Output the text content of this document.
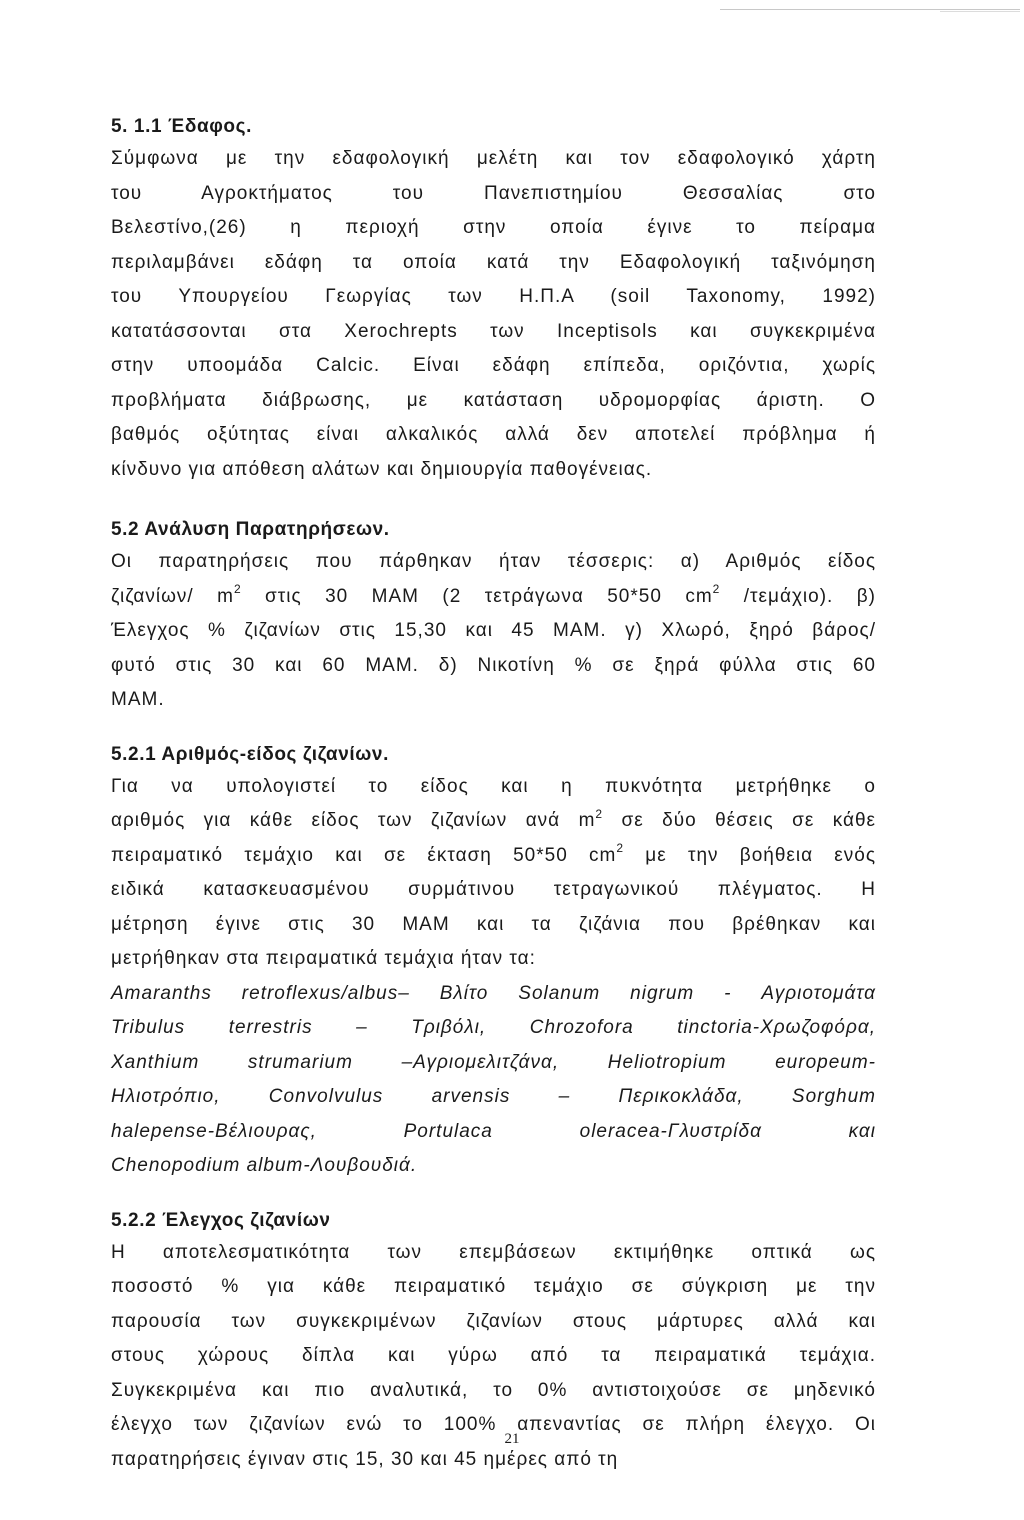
5. 1.1 Έδαφος.
Σύμφωνα με την εδαφολογική μελέτη και τον εδαφολογικό χάρτη
του Αγροκτήματος του Πανεπιστημίου Θεσσαλίας στο
Βελεστίνο,(26) η περιοχή στην οποία έγινε το πείραμα
περιλαμβάνει εδάφη τα οποία κατά την Εδαφολογική ταξινόμηση
του Υπουργείου Γεωργίας των Η.Π.Α (soil Taxonomy, 1992)
κατατάσσονται στα Xerochrepts των Inceptisols και συγκεκριμένα
στην υποομάδα Calcic. Είναι εδάφη επίπεδα, οριζόντια, χωρίς
προβλήματα διάβρωσης, με κατάσταση υδρομορφίας άριστη. Ο
βαθμός οξύτητας είναι αλκαλικός αλλά δεν αποτελεί πρόβλημα ή
κίνδυνο για απόθεση αλάτων και δημιουργία παθογένειας.
5.2 Ανάλυση Παρατηρήσεων.
Οι παρατηρήσεις που πάρθηκαν ήταν τέσσερις: α) Αριθμός είδος
ζιζανίων/ $m^2$ στις 30 ΜΑΜ (2 τετράγωνα 50*50 $cm^2$ /τεμάχιο). β)
Έλεγχος % ζιζανίων στις 15,30 και 45 ΜΑΜ. γ) Χλωρό, ξηρό βάρος/
φυτό στις 30 και 60 ΜΑΜ. δ) Νικοτίνη % σε ξηρά φύλλα στις 60
ΜΑΜ.
5.2.1 Αριθμός-είδος ζιζανίων.
Για να υπολογιστεί το είδος και η πυκνότητα μετρήθηκε ο
αριθμός για κάθε είδος των ζιζανίων ανά $m^2$ σε δύο θέσεις σε κάθε
πειραματικό τεμάχιο και σε έκταση 50*50 $cm^2$ με την βοήθεια ενός
ειδικά κατασκευασμένου συρμάτινου τετραγωνικού πλέγματος. Η
μέτρηση έγινε στις 30 ΜΑΜ και τα ζιζάνια που βρέθηκαν και
μετρήθηκαν στα πειραματικά τεμάχια ήταν τα:
Amaranths retroflexus/albus– Βλίτο Solanum nigrum - Αγριοτομάτα
Tribulus terrestris – Τριβόλι, Chrozofora tinctoria-Χρωζοφόρα,
Xanthium strumarium –Αγριομελιτζάνα, Heliotropium europeum-
Ηλιοτρόπιο, Convolvulus arvensis – Περικοκλάδα, Sorghum
halepense-Βέλιουρας, Portulaca oleracea-Γλυστρίδα και
Chenopodium album-Λουβουδιά.
5.2.2 Έλεγχος ζιζανίων
Η αποτελεσματικότητα των επεμβάσεων εκτιμήθηκε οπτικά ως
ποσοστό % για κάθε πειραματικό τεμάχιο σε σύγκριση με την
παρουσία των συγκεκριμένων ζιζανίων στους μάρτυρες αλλά και
στους χώρους δίπλα και γύρω από τα πειραματικά τεμάχια.
Συγκεκριμένα και πιο αναλυτικά, το 0% αντιστοιχούσε σε μηδενικό
έλεγχο των ζιζανίων ενώ το 100% απεναντίας σε πλήρη έλεγχο. Οι
παρατηρήσεις έγιναν στις 15, 30 και 45 ημέρες από τη
21
